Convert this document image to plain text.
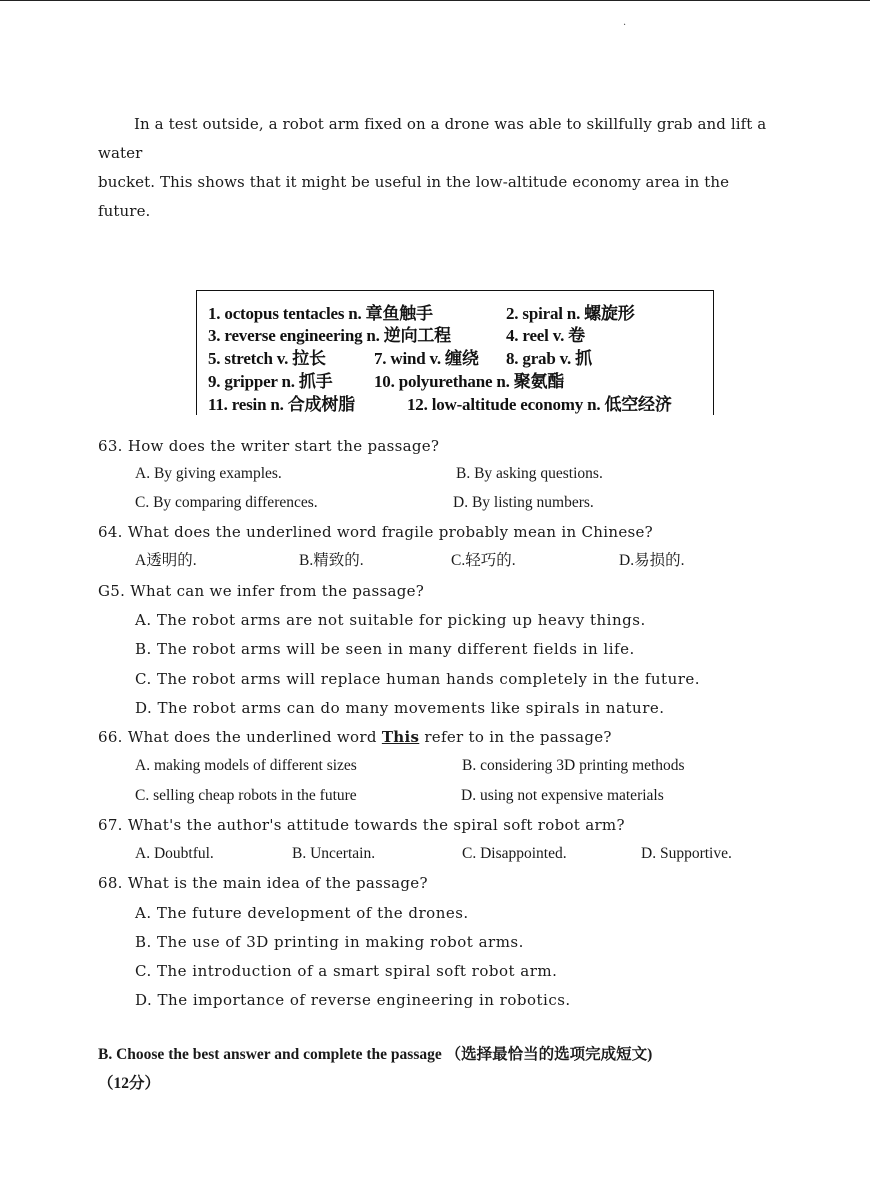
·
In a test outside, a robot arm fixed on a drone was able to skillfully grab and lift a water
bucket. This shows that it might be useful in the low-altitude economy area in the future.
1. octopus tentacles n. 章鱼触手	2. spiral n. 螺旋形
3. reverse engineering n. 逆向工程	4. reel v. 卷
5. stretch v. 拉长	7. wind v. 缠绕 8. grab v. 抓
9. gripper n. 抓手 10. polyurethane n. 聚氨酯
11. resin n. 合成树脂	12. low-altitude economy n. 低空经济
63. How does the writer start the passage?
A. By giving examples.	B. By asking questions.
C. By comparing differences.	D. By listing numbers.
64. What does the underlined word fragile probably mean in Chinese?
A透明的.	B.精致的.	C.轻巧的.	D.易损的.
G5. What can we infer from the passage?
A. The robot arms are not suitable for picking up heavy things.
B. The robot arms will be seen in many different fields in life.
C. The robot arms will replace human hands completely in the future.
D. The robot arms can do many movements like spirals in nature.
66. What does the underlined word This refer to in the passage?
A. making models of different sizes	B. considering 3D printing methods
C. selling cheap robots in the future	D. using not expensive materials
67. What's the author's attitude towards the spiral soft robot arm?
A. Doubtful.	B. Uncertain.	C. Disappointed.	D. Supportive.
68. What is the main idea of the passage?
A. The future development of the drones.
B. The use of 3D printing in making robot arms.
C. The introduction of a smart spiral soft robot arm.
D. The importance of reverse engineering in robotics.
B. Choose the best answer and complete the passage （选择最恰当的选项完成短文)
（12分）
